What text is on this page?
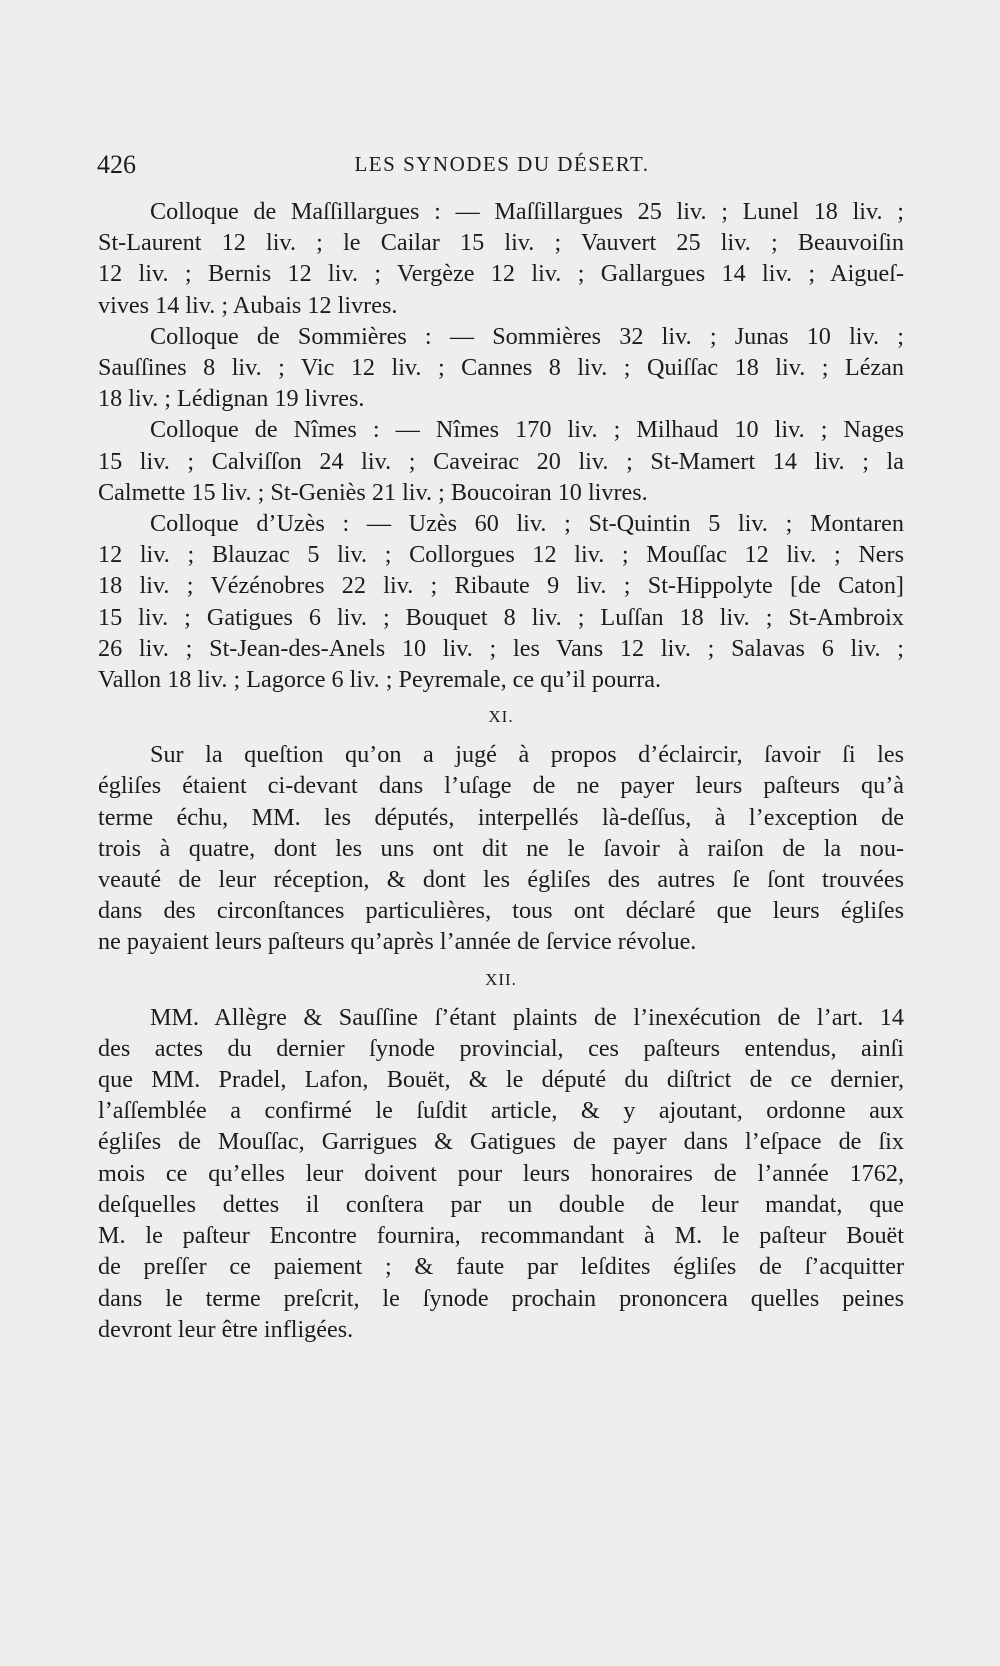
426	LES SYNODES DU DÉSERT.
Colloque de Maſſillargues : — Maſſillargues 25 liv. ; Lunel 18 liv. ;
St-Laurent 12 liv. ; le Cailar 15 liv. ; Vauvert 25 liv. ; Beauvoiſin
12 liv. ; Bernis 12 liv. ; Vergèze 12 liv. ; Gallargues 14 liv. ; Aigueſ-
vives 14 liv. ; Aubais 12 livres.
Colloque de Sommières : — Sommières 32 liv. ; Junas 10 liv. ;
Sauſſines 8 liv. ; Vic 12 liv. ; Cannes 8 liv. ; Quiſſac 18 liv. ; Lézan
18 liv. ; Lédignan 19 livres.
Colloque de Nîmes : — Nîmes 170 liv. ; Milhaud 10 liv. ; Nages
15 liv. ; Calviſſon 24 liv. ; Caveirac 20 liv. ; St-Mamert 14 liv. ; la
Calmette 15 liv. ; St-Geniès 21 liv. ; Boucoiran 10 livres.
Colloque d’Uzès : — Uzès 60 liv. ; St-Quintin 5 liv. ; Montaren
12 liv. ; Blauzac 5 liv. ; Collorgues 12 liv. ; Mouſſac 12 liv. ; Ners
18 liv. ; Vézénobres 22 liv. ; Ribaute 9 liv. ; St-Hippolyte [de Caton]
15 liv. ; Gatigues 6 liv. ; Bouquet 8 liv. ; Luſſan 18 liv. ; St-Ambroix
26 liv. ; St-Jean-des-Anels 10 liv. ; les Vans 12 liv. ; Salavas 6 liv. ;
Vallon 18 liv. ; Lagorce 6 liv. ; Peyremale, ce qu’il pourra.
XI.
Sur la queſtion qu’on a jugé à propos d’éclaircir, ſavoir ſi les
égliſes étaient ci-devant dans l’uſage de ne payer leurs paſteurs qu’à
terme échu, MM. les députés, interpellés là-deſſus, à l’exception de
trois à quatre, dont les uns ont dit ne le ſavoir à raiſon de la nou-
veauté de leur réception, & dont les égliſes des autres ſe ſont trouvées
dans des circonſtances particulières, tous ont déclaré que leurs égliſes
ne payaient leurs paſteurs qu’après l’année de ſervice révolue.
XII.
MM. Allègre & Sauſſine ſ’étant plaints de l’inexécution de l’art. 14
des actes du dernier ſynode provincial, ces paſteurs entendus, ainſi
que MM. Pradel, Lafon, Bouët, & le député du diſtrict de ce dernier,
l’aſſemblée a confirmé le ſuſdit article, & y ajoutant, ordonne aux
égliſes de Mouſſac, Garrigues & Gatigues de payer dans l’eſpace de ſix
mois ce qu’elles leur doivent pour leurs honoraires de l’année 1762,
deſquelles dettes il conſtera par un double de leur mandat, que
M. le paſteur Encontre fournira, recommandant à M. le paſteur Bouët
de preſſer ce paiement ; & faute par leſdites égliſes de ſ’acquitter
dans le terme preſcrit, le ſynode prochain prononcera quelles peines
devront leur être infligées.
